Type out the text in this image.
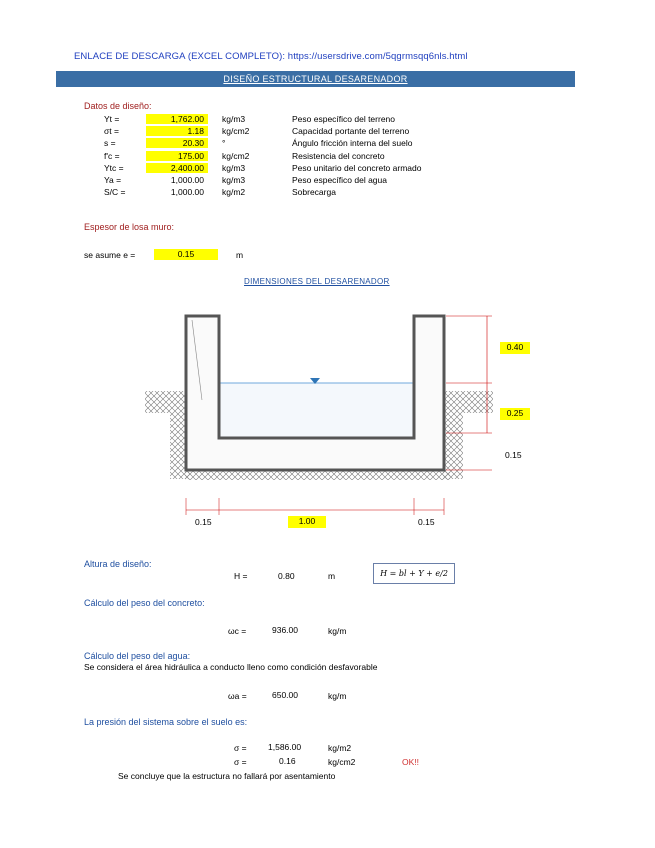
ENLACE DE DESCARGA (EXCEL COMPLETO): https://usersdrive.com/5qgrmsqq6nls.html
DISEÑO ESTRUCTURAL DESARENADOR
Datos de diseño:
Yt =	1,762.00	kg/m3	Peso específico del terreno
σt =	1.18	kg/cm2	Capacidad portante del terreno
ѕ =	20.30	°	Ángulo fricción interna del suelo
f'c =	175.00	kg/cm2	Resistencia del concreto
Ytc =	2,400.00	kg/m3	Peso unitario del concreto armado
Ya =	1,000.00	kg/m3	Peso específico del agua
S/C =	1,000.00	kg/m2	Sobrecarga
Espesor de losa muro:
se asume e =	0.15	m
DIMENSIONES DEL DESARENADOR
0.40
0.25
0.15
0.15	1.00	0.15
Altura de diseño:
H =	0.80	m	H = bl + Y + e/2
Cálculo del peso del concreto:
ωc =	936.00	kg/m
Cálculo del peso del agua:
Se considera el área hidráulica a conducto lleno como condición desfavorable
ωa =	650.00	kg/m
La presión del sistema sobre el suelo es:
σ =	1,586.00	kg/m2
σ =	0.16	kg/cm2	OK!!
Se concluye que la estructura no fallará por asentamiento
